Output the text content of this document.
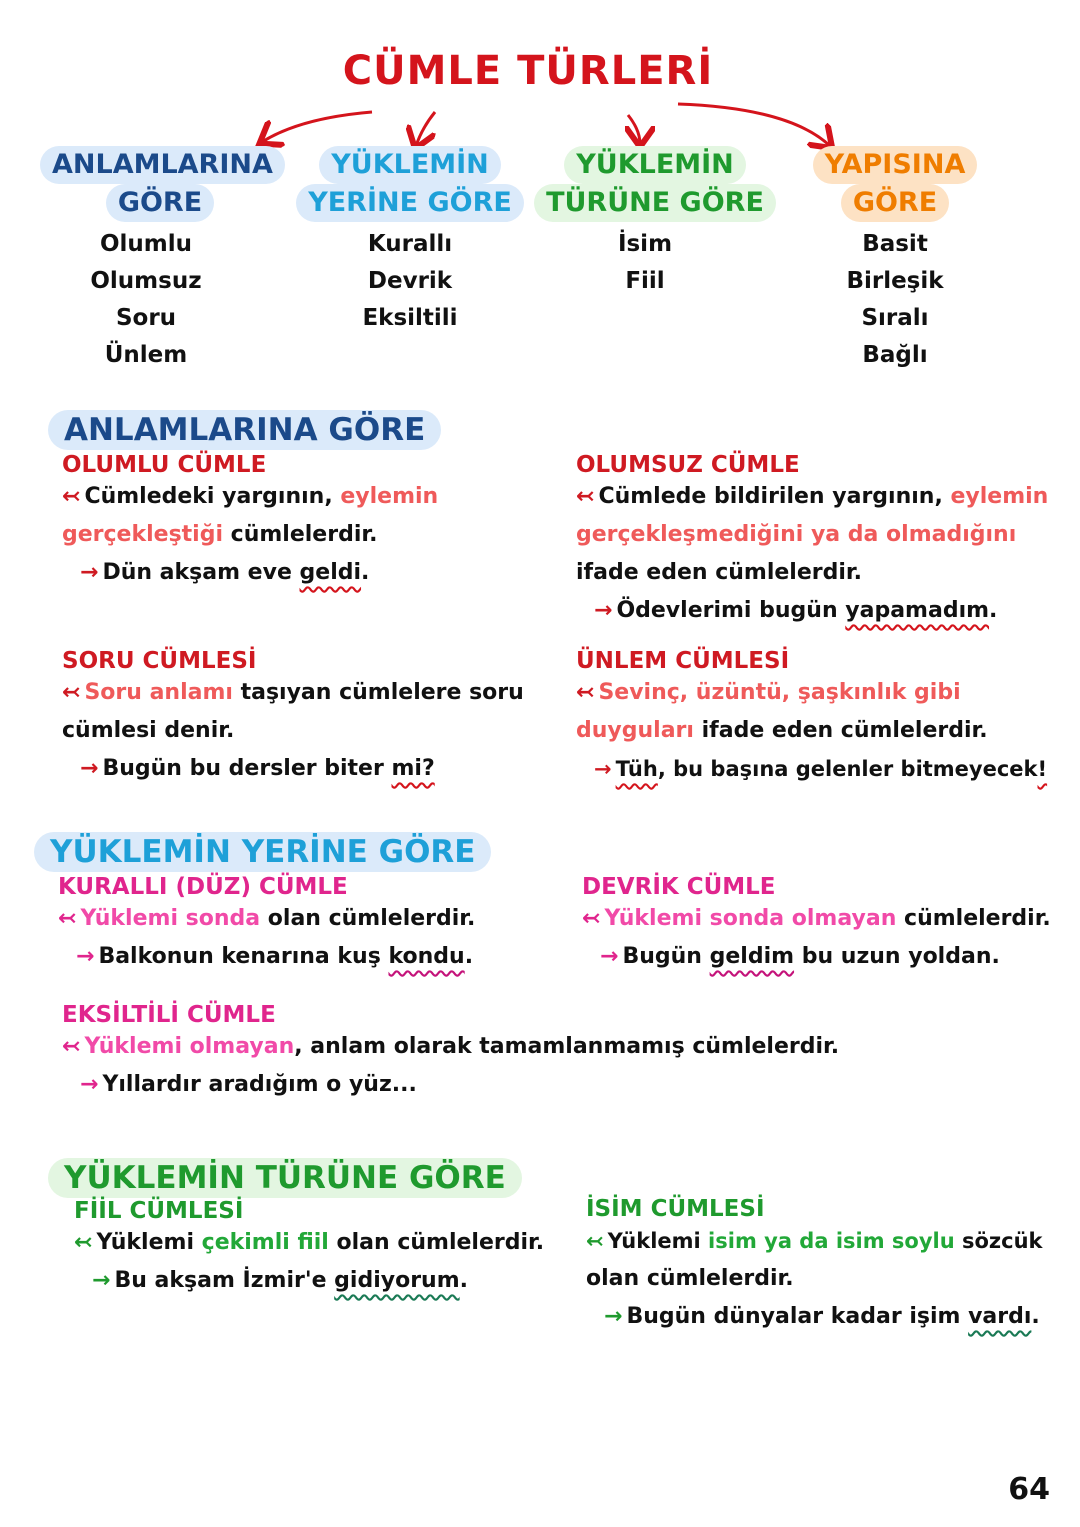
CÜMLE TÜRLERİ
ANLAMLARINA
GÖRE
Olumlu
Olumsuz
Soru
Ünlem
YÜKLEMİN
YERİNE GÖRE
Kurallı
Devrik
Eksiltili
YÜKLEMİN
TÜRÜNE GÖRE
İsim
Fiil
YAPISINA
GÖRE
Basit
Birleşik
Sıralı
Bağlı
ANLAMLARINA GÖRE
OLUMLU CÜMLE
↢ Cümledeki yargının, eylemin
gerçekleştiği cümlelerdir.
→ Dün akşam eve geldi.
OLUMSUZ CÜMLE
↢ Cümlede bildirilen yargının, eylemin
gerçekleşmediğini ya da olmadığını
ifade eden cümlelerdir.
→ Ödevlerimi bugün yapamadım.
SORU CÜMLESİ
↢ Soru anlamı taşıyan cümlelere soru
cümlesi denir.
→ Bugün bu dersler biter mi?
ÜNLEM CÜMLESİ
↢ Sevinç, üzüntü, şaşkınlık gibi
duyguları ifade eden cümlelerdir.
→ Tüh, bu başına gelenler bitmeyecek!
YÜKLEMİN YERİNE GÖRE
KURALLI (DÜZ) CÜMLE
↢ Yüklemi sonda olan cümlelerdir.
→ Balkonun kenarına kuş kondu.
DEVRİK CÜMLE
↢ Yüklemi sonda olmayan cümlelerdir.
→ Bugün geldim bu uzun yoldan.
EKSİLTİLİ CÜMLE
↢ Yüklemi olmayan, anlam olarak tamamlanmamış cümlelerdir.
→ Yıllardır aradığım o yüz...
YÜKLEMİN TÜRÜNE GÖRE
FİİL CÜMLESİ
↢ Yüklemi çekimli fiil olan cümlelerdir.
→ Bu akşam İzmir'e gidiyorum.
İSİM CÜMLESİ
↢ Yüklemi isim ya da isim soylu sözcük
olan cümlelerdir.
→ Bugün dünyalar kadar işim vardı.
64
